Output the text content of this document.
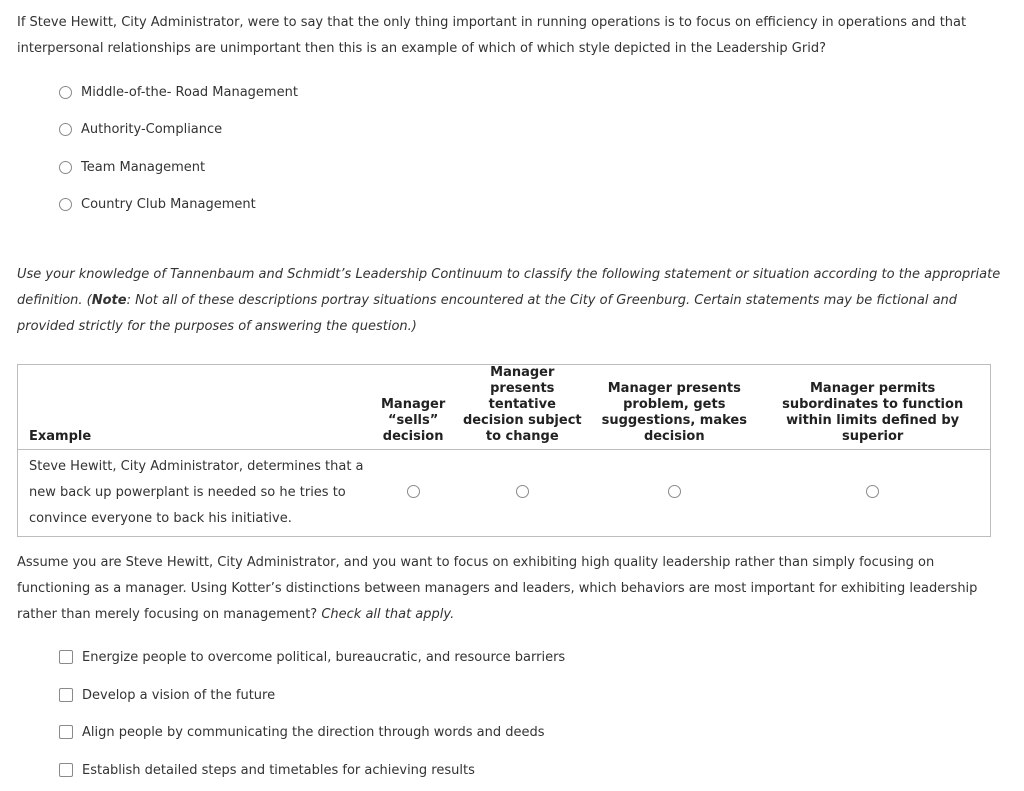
If Steve Hewitt, City Administrator, were to say that the only thing important in running operations is to focus on efficiency in operations and that interpersonal relationships are unimportant then this is an example of which of which style depicted in the Leadership Grid?
Middle-of-the- Road Management
Authority-Compliance
Team Management
Country Club Management
Use your knowledge of Tannenbaum and Schmidt’s Leadership Continuum to classify the following statement or situation according to the appropriate definition. (Note: Not all of these descriptions portray situations encountered at the City of Greenburg. Certain statements may be fictional and provided strictly for the purposes of answering the question.)
Example	Manager “sells” decision	Manager presents tentative decision subject to change	Manager presents problem, gets suggestions, makes decision	Manager permits subordinates to function within limits defined by superior
Steve Hewitt, City Administrator, determines that a new back up powerplant is needed so he tries to convince everyone to back his initiative.				
Assume you are Steve Hewitt, City Administrator, and you want to focus on exhibiting high quality leadership rather than simply focusing on functioning as a manager. Using Kotter’s distinctions between managers and leaders, which behaviors are most important for exhibiting leadership rather than merely focusing on management? Check all that apply.
Energize people to overcome political, bureaucratic, and resource barriers
Develop a vision of the future
Align people by communicating the direction through words and deeds
Establish detailed steps and timetables for achieving results
